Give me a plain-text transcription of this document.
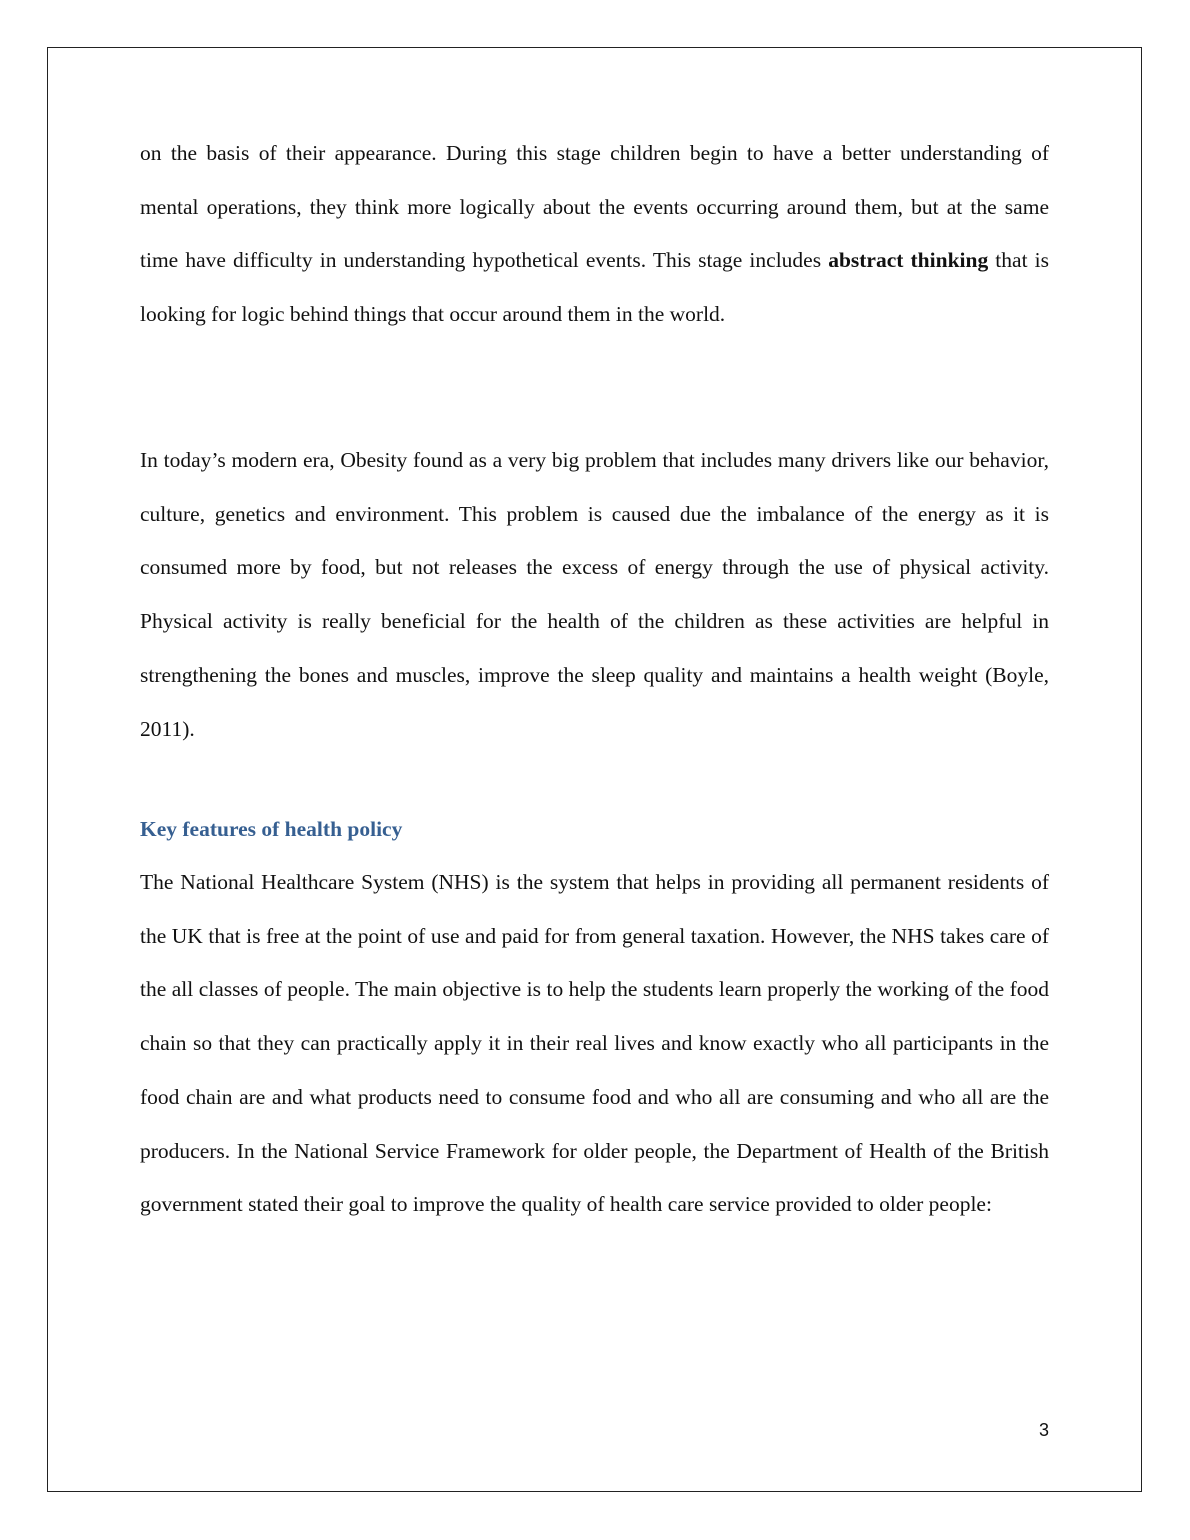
on the basis of their appearance. During this stage children begin to have a better understanding of mental operations, they think more logically about the events occurring around them, but at the same time have difficulty in understanding hypothetical events. This stage includes abstract thinking that is looking for logic behind things that occur around them in the world.

In today’s modern era, Obesity found as a very big problem that includes many drivers like our behavior, culture, genetics and environment. This problem is caused due the imbalance of the energy as it is consumed more by food, but not releases the excess of energy through the use of physical activity. Physical activity is really beneficial for the health of the children as these activities are helpful in strengthening the bones and muscles, improve the sleep quality and maintains a health weight (Boyle, 2011).

Key features of health policy

The National Healthcare System (NHS) is the system that helps in providing all permanent residents of the UK that is free at the point of use and paid for from general taxation. However, the NHS takes care of the all classes of people. The main objective is to help the students learn properly the working of the food chain so that they can practically apply it in their real lives and know exactly who all participants in the food chain are and what products need to consume food and who all are consuming and who all are the producers. In the National Service Framework for older people, the Department of Health of the British government stated their goal to improve the quality of health care service provided to older people:

3
